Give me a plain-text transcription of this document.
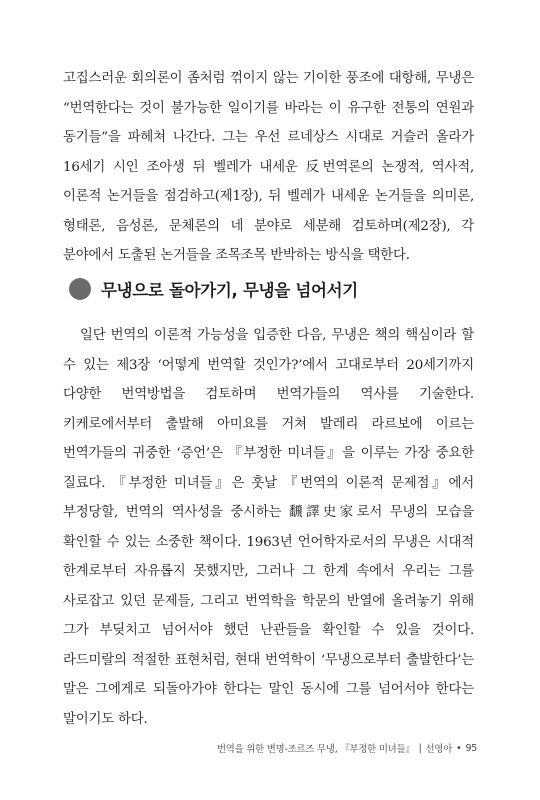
고집스러운 회의론이 좀처럼 꺾이지 않는 기이한 풍조에 대항해, 무냉은 “번역한다는 것이 불가능한 일이기를 바라는 이 유구한 전통의 연원과 동기들”을 파헤쳐 나간다. 그는 우선 르네상스 시대로 거슬러 올라가 16세기 시인 조아생 뒤 벨레가 내세운 反번역론의 논쟁적, 역사적, 이론적 논거들을 점검하고(제1장), 뒤 벨레가 내세운 논거들을 의미론, 형태론, 음성론, 문체론의 네 분야로 세분해 검토하며(제2장), 각 분야에서 도출된 논거들을 조목조목 반박하는 방식을 택한다.

무냉으로 돌아가기, 무냉을 넘어서기

일단 번역의 이론적 가능성을 입증한 다음, 무냉은 책의 핵심이라 할 수 있는 제3장 ‘어떻게 번역할 것인가?’에서 고대로부터 20세기까지 다양한 번역방법을 검토하며 번역가들의 역사를 기술한다. 키케로에서부터 출발해 아미요를 거쳐 발레리 라르보에 이르는 번역가들의 귀중한 ‘증언’은 『부정한 미녀들』을 이루는 가장 중요한 질료다. 『부정한 미녀들』은 훗날 『번역의 이론적 문제점』에서 부정당할, 번역의 역사성을 중시하는 飜譯史家로서 무냉의 모습을 확인할 수 있는 소중한 책이다. 1963년 언어학자로서의 무냉은 시대적 한계로부터 자유롭지 못했지만, 그러나 그 한계 속에서 우리는 그를 사로잡고 있던 문제들, 그리고 번역학을 학문의 반열에 올려놓기 위해 그가 부딪치고 넘어서야 했던 난관들을 확인할 수 있을 것이다. 라드미랄의 적절한 표현처럼, 현대 번역학이 ‘무냉으로부터 출발한다’는 말은 그에게로 되돌아가야 한다는 말인 동시에 그를 넘어서야 한다는 말이기도 하다.

번역을 위한 변명-조르즈 무냉, 『부정한 미녀들』 | 선영아 • 95
